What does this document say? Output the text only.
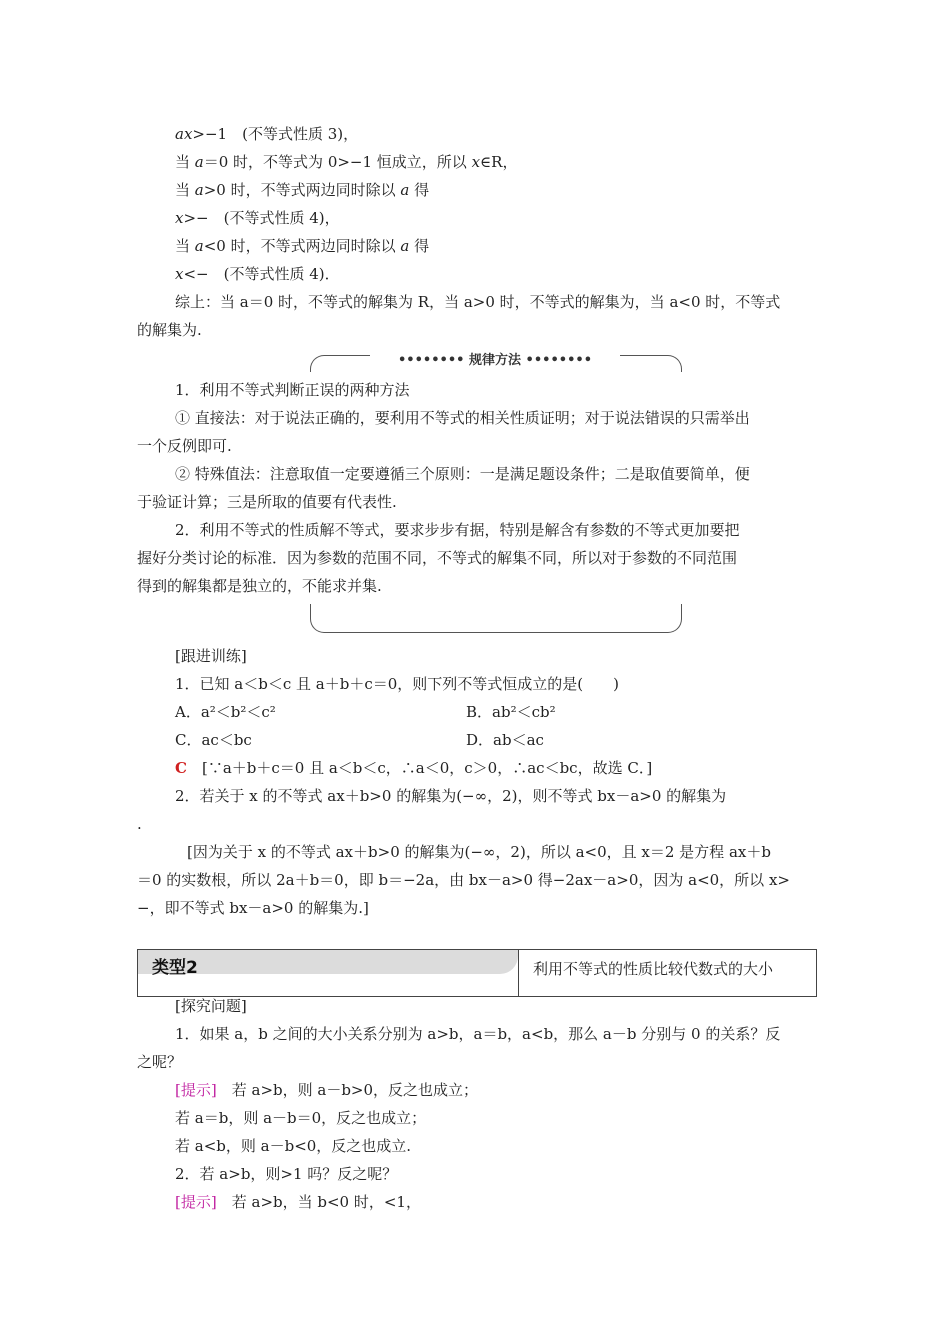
ax>−1　(不等式性质 3)，
当 a＝0 时，不等式为 0>−1 恒成立，所以 x∈R，
当 a>0 时，不等式两边同时除以 a 得
x>−　(不等式性质 4)，
当 a<0 时，不等式两边同时除以 a 得
x<−　(不等式性质 4)．
综上：当 a＝0 时，不等式的解集为 R，当 a>0 时，不等式的解集为，当 a<0 时，不等式
的解集为.
•••••••• 规律方法 ••••••••
1．利用不等式判断正误的两种方法
① 直接法：对于说法正确的，要利用不等式的相关性质证明；对于说法错误的只需举出
一个反例即可.
② 特殊值法：注意取值一定要遵循三个原则：一是满足题设条件；二是取值要简单，便
于验证计算；三是所取的值要有代表性.
2．利用不等式的性质解不等式，要求步步有据，特别是解含有参数的不等式更加要把
握好分类讨论的标准．因为参数的范围不同，不等式的解集不同，所以对于参数的不同范围
得到的解集都是独立的，不能求并集.
[跟进训练]
1．已知 a＜b＜c 且 a＋b＋c＝0，则下列不等式恒成立的是(　　)
A．a²＜b²＜c²	B．ab²＜cb²
C．ac＜bc	D．ab＜ac
C　 [∵a＋b＋c＝0 且 a＜b＜c，∴a＜0，c＞0，∴ac＜bc，故选 C．]
2．若关于 x 的不等式 ax＋b>0 的解集为(−∞，2)，则不等式 bx－a>0 的解集为
.
[因为关于 x 的不等式 ax＋b>0 的解集为(−∞，2)，所以 a<0，且 x＝2 是方程 ax＋b
＝0 的实数根，所以 2a＋b＝0，即 b＝−2a，由 bx－a>0 得−2ax－a>0，因为 a<0，所以 x>
−，即不等式 bx－a>0 的解集为.]
类型2	利用不等式的性质比较代数式的大小
[探究问题]
1．如果 a，b 之间的大小关系分别为 a>b，a＝b，a<b，那么 a－b 分别与 0 的关系？反
之呢？
[提示]　 若 a>b，则 a－b>0，反之也成立；
若 a＝b，则 a－b＝0，反之也成立；
若 a<b，则 a－b<0，反之也成立.
2．若 a>b，则>1 吗？反之呢？
[提示]　 若 a>b，当 b<0 时，<1，
